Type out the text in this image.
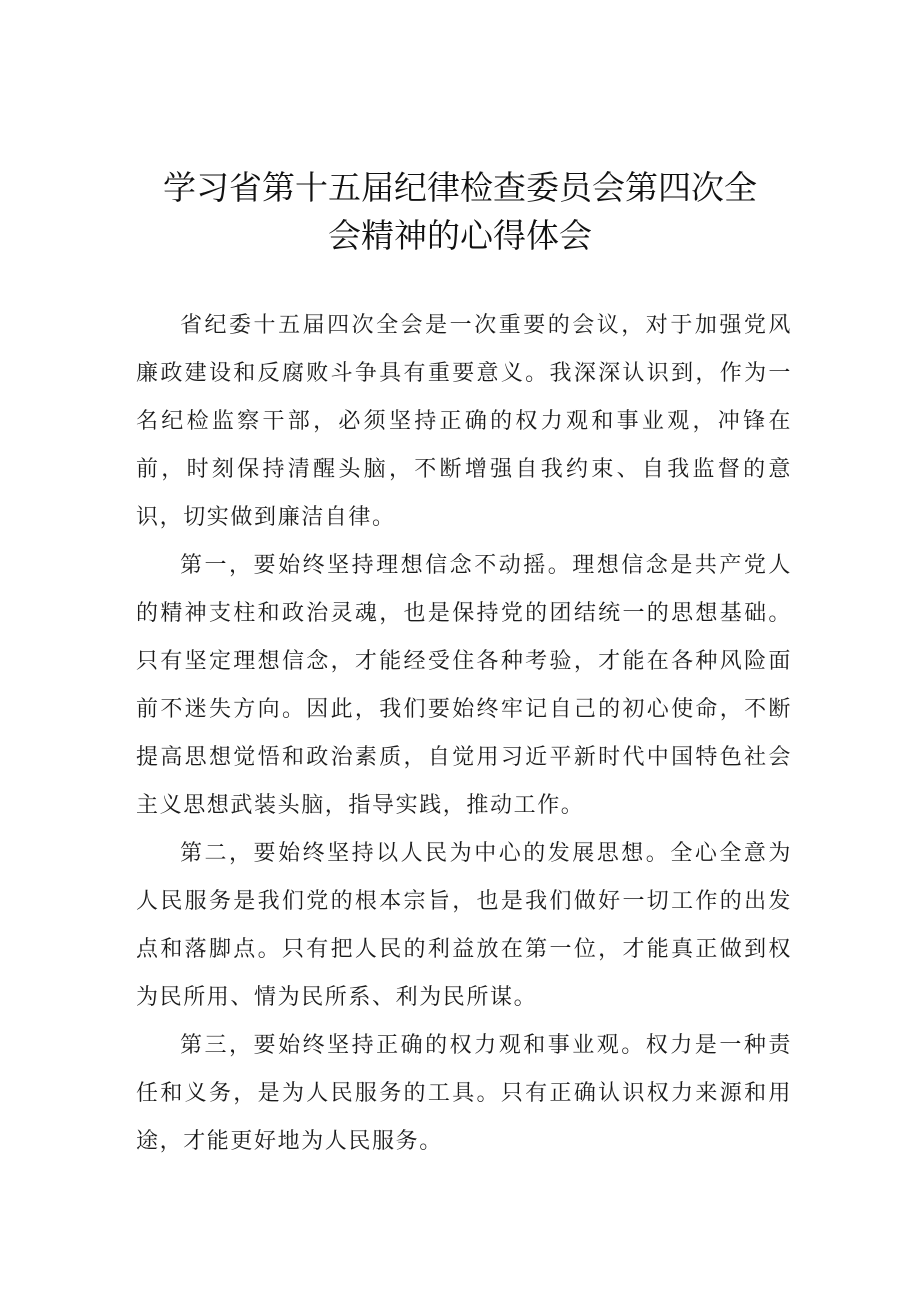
学习省第十五届纪律检查委员会第四次全
会精神的心得体会

省纪委十五届四次全会是一次重要的会议，对于加强党风廉政建设和反腐败斗争具有重要意义。我深深认识到，作为一名纪检监察干部，必须坚持正确的权力观和事业观，冲锋在前，时刻保持清醒头脑，不断增强自我约束、自我监督的意识，切实做到廉洁自律。

第一，要始终坚持理想信念不动摇。理想信念是共产党人的精神支柱和政治灵魂，也是保持党的团结统一的思想基础。只有坚定理想信念，才能经受住各种考验，才能在各种风险面前不迷失方向。因此，我们要始终牢记自己的初心使命，不断提高思想觉悟和政治素质，自觉用习近平新时代中国特色社会主义思想武装头脑，指导实践，推动工作。

第二，要始终坚持以人民为中心的发展思想。全心全意为人民服务是我们党的根本宗旨，也是我们做好一切工作的出发点和落脚点。只有把人民的利益放在第一位，才能真正做到权为民所用、情为民所系、利为民所谋。

第三，要始终坚持正确的权力观和事业观。权力是一种责任和义务，是为人民服务的工具。只有正确认识权力来源和用途，才能更好地为人民服务。
